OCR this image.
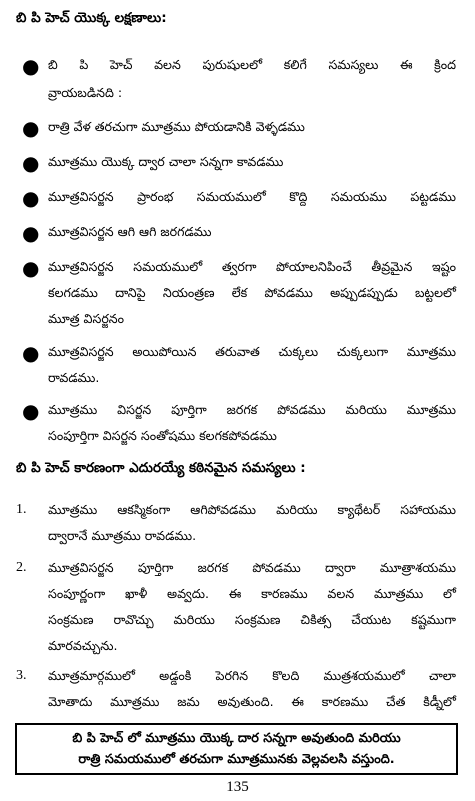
బి పి హెచ్ యొక్క లక్షణాలు:
● బి పి హెచ్ వలన పురుషులలో కలిగే సమస్యలు ఈ క్రింద
వ్రాయబడినది :
● రాత్రి వేళ తరచుగా మూత్రము పోయడానికి వెళ్ళడము
● మూత్రము యొక్క ద్వార చాలా సన్నగా కావడము
● మూత్రవిసర్జన ప్రారంభ సమయములో కొద్ది సమయము పట్టడము
● మూత్రవిసర్జన ఆగి ఆగి జరగడము
● మూత్రవిసర్జన సమయములో త్వరగా పోయాలనిపించే తీవ్రమైన ఇష్టం
కలగడము దానిపై నియంత్రణ లేక పోవడము అప్పుడప్పుడు బట్టలలో
మూత్ర విసర్జనం
● మూత్రవిసర్జన అయిపోయిన తరువాత చుక్కలు చుక్కలుగా మూత్రము
రావడము.
● మూత్రము విసర్జన పూర్తిగా జరగక పోవడము మరియు మూత్రము
సంపూర్తిగా విసర్జన సంతోషము కలగకపోవడము
బి పి హెచ్ కారణంగా ఎదురయ్యే కఠినమైన సమస్యలు :
1. మూత్రము ఆకస్మికంగా ఆగిపోవడము మరియు క్యాథేటర్ సహాయము
ద్వారానే మూత్రము రావడము.
2. మూత్రవిసర్జన పూర్తిగా జరగక పోవడము ద్వారా మూత్రాశయము
సంపూర్ణంగా ఖాళీ అవ్వదు. ఈ కారణము వలన మూత్రము లో
సంక్రమణ రావొచ్చు మరియు సంక్రమణ చికిత్స చేయుట కష్టముగా
మారవచ్చును.
3. మూత్రమార్గములో అడ్డంకి పెరగిన కొలది ముత్రశయములో చాలా
మోతాదు మూత్రము జమ అవుతుంది. ఈ కారణము చేత కిడ్నీలో
బి పి హెచ్ లో మూత్రము యొక్క దార సన్నగా అవుతుంది మరియు
రాత్రి సమయములో తరచుగా మూత్రమునకు వెల్లవలసి వస్తుంది.
135
